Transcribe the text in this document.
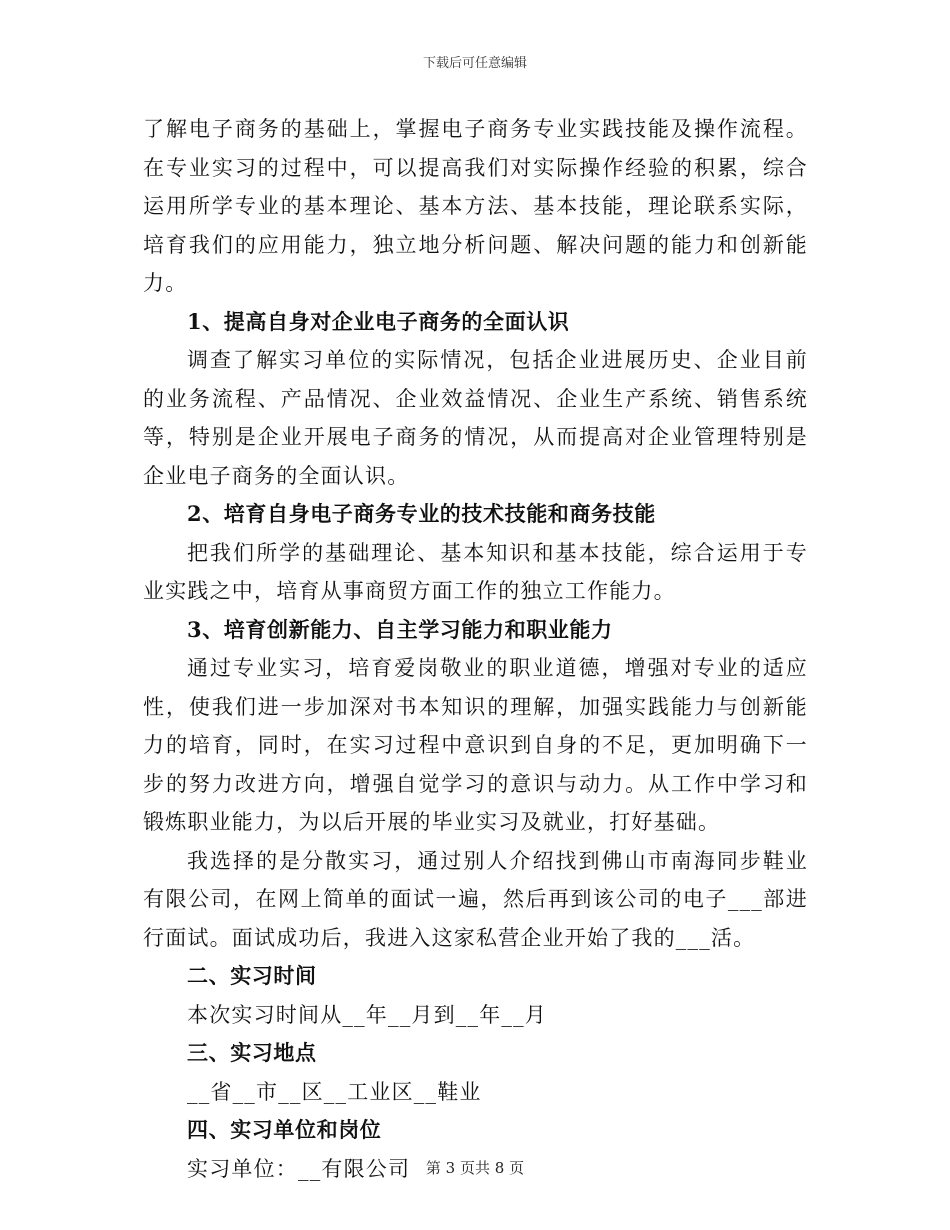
下载后可任意编辑

了解电子商务的基础上，掌握电子商务专业实践技能及操作流程。在专业实习的过程中，可以提高我们对实际操作经验的积累，综合运用所学专业的基本理论、基本方法、基本技能，理论联系实际，培育我们的应用能力，独立地分析问题、解决问题的能力和创新能力。

1、提高自身对企业电子商务的全面认识

调查了解实习单位的实际情况，包括企业进展历史、企业目前的业务流程、产品情况、企业效益情况、企业生产系统、销售系统等，特别是企业开展电子商务的情况，从而提高对企业管理特别是企业电子商务的全面认识。

2、培育自身电子商务专业的技术技能和商务技能

把我们所学的基础理论、基本知识和基本技能，综合运用于专业实践之中，培育从事商贸方面工作的独立工作能力。

3、培育创新能力、自主学习能力和职业能力

通过专业实习，培育爱岗敬业的职业道德，增强对专业的适应性，使我们进一步加深对书本知识的理解，加强实践能力与创新能力的培育，同时，在实习过程中意识到自身的不足，更加明确下一步的努力改进方向，增强自觉学习的意识与动力。从工作中学习和锻炼职业能力，为以后开展的毕业实习及就业，打好基础。

我选择的是分散实习，通过别人介绍找到佛山市南海同步鞋业有限公司，在网上简单的面试一遍，然后再到该公司的电子___部进行面试。面试成功后，我进入这家私营企业开始了我的___活。

二、实习时间

本次实习时间从__年__月到__年__月

三、实习地点

__省__市__区__工业区__鞋业

四、实习单位和岗位

实习单位：__有限公司	第 3 页共 8 页
